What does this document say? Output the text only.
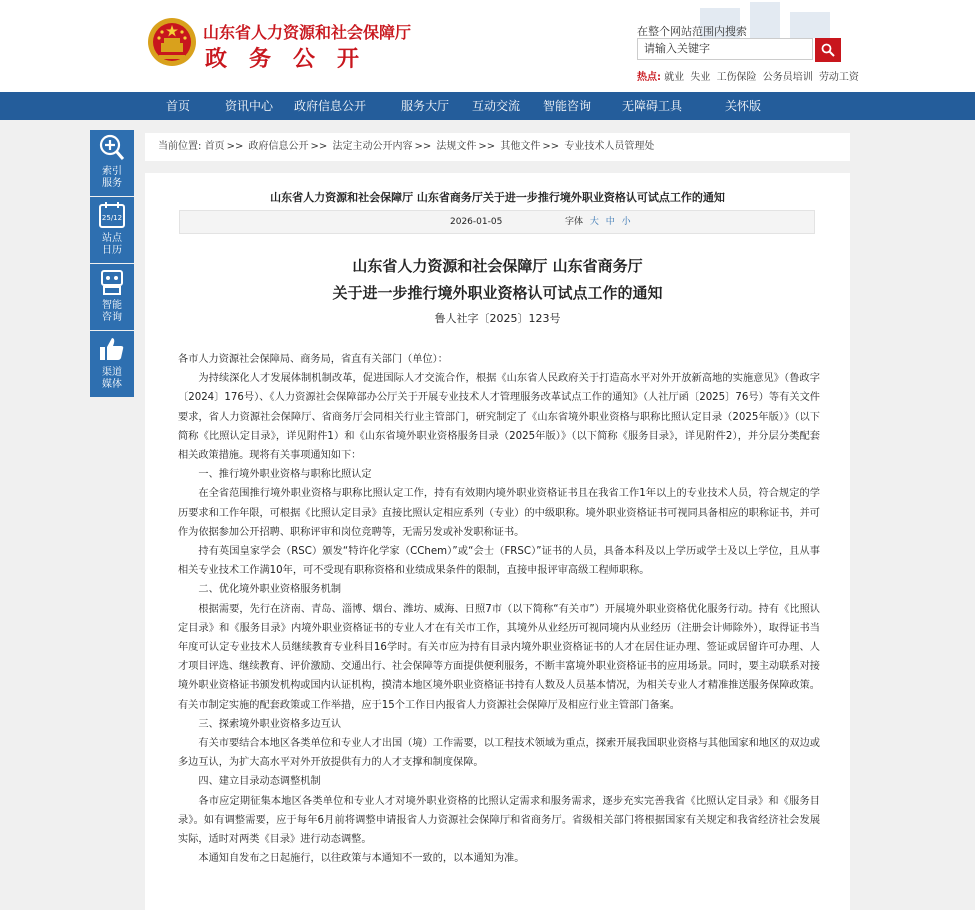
山东省人力资源和社会保障厅
政务公开
在整个网站范围内搜索
请输入关键字
热点: 就业 失业 工伤保险 公务员培训 劳动工资
首页	资讯中心	政府信息公开	服务大厅	互动交流	智能咨询	无障碍工具	关怀版
索引
服务
25/12
站点
日历
智能
咨询
渠道
媒体
当前位置: 首页 >> 政府信息公开 >> 法定主动公开内容 >> 法规文件 >> 其他文件 >> 专业技术人员管理处
山东省人力资源和社会保障厅 山东省商务厅关于进一步推行境外职业资格认可试点工作的通知
2026-01-05	字体 大 中 小
山东省人力资源和社会保障厅 山东省商务厅
关于进一步推行境外职业资格认可试点工作的通知
鲁人社字〔2025〕123号

各市人力资源社会保障局、商务局，省直有关部门（单位）：

为持续深化人才发展体制机制改革，促进国际人才交流合作，根据《山东省人民政府关于打造高水平对外开放新高地的实施意见》（鲁政字〔2024〕176号）、《人力资源社会保障部办公厅关于开展专业技术人才管理服务改革试点工作的通知》（人社厅函〔2025〕76号）等有关文件要求，省人力资源社会保障厅、省商务厅会同相关行业主管部门，研究制定了《山东省境外职业资格与职称比照认定目录（2025年版）》（以下简称《比照认定目录》，详见附件1）和《山东省境外职业资格服务目录（2025年版）》（以下简称《服务目录》，详见附件2），并分层分类配套相关政策措施。现将有关事项通知如下：

一、推行境外职业资格与职称比照认定

在全省范围推行境外职业资格与职称比照认定工作，持有有效期内境外职业资格证书且在我省工作1年以上的专业技术人员，符合规定的学历要求和工作年限，可根据《比照认定目录》直接比照认定相应系列（专业）的中级职称。境外职业资格证书可视同具备相应的职称证书，并可作为依据参加公开招聘、职称评审和岗位竞聘等，无需另发或补发职称证书。

持有英国皇家学会（RSC）颁发“特许化学家（CChem）”或“会士（FRSC）”证书的人员，具备本科及以上学历或学士及以上学位，且从事相关专业技术工作满10年，可不受现有职称资格和业绩成果条件的限制，直接申报评审高级工程师职称。

二、优化境外职业资格服务机制

根据需要，先行在济南、青岛、淄博、烟台、潍坊、威海、日照7市（以下简称“有关市”）开展境外职业资格优化服务行动。持有《比照认定目录》和《服务目录》内境外职业资格证书的专业人才在有关市工作，其境外从业经历可视同境内从业经历（注册会计师除外），取得证书当年度可认定专业技术人员继续教育专业科目16学时。有关市应为持有目录内境外职业资格证书的人才在居住证办理、签证或居留许可办理、人才项目评选、继续教育、评价激励、交通出行、社会保障等方面提供便利服务，不断丰富境外职业资格证书的应用场景。同时，要主动联系对接境外职业资格证书颁发机构或国内认证机构，摸清本地区境外职业资格证书持有人数及人员基本情况，为相关专业人才精准推送服务保障政策。有关市制定实施的配套政策或工作举措，应于15个工作日内报省人力资源社会保障厅及相应行业主管部门备案。

三、探索境外职业资格多边互认

有关市要结合本地区各类单位和专业人才出国（境）工作需要，以工程技术领域为重点，探索开展我国职业资格与其他国家和地区的双边或多边互认，为扩大高水平对外开放提供有力的人才支撑和制度保障。

四、建立目录动态调整机制

各市应定期征集本地区各类单位和专业人才对境外职业资格的比照认定需求和服务需求，逐步充实完善我省《比照认定目录》和《服务目录》。如有调整需要，应于每年6月前将调整申请报省人力资源社会保障厅和省商务厅。省级相关部门将根据国家有关规定和我省经济社会发展实际，适时对两类《目录》进行动态调整。

本通知自发布之日起施行，以往政策与本通知不一致的，以本通知为准。
